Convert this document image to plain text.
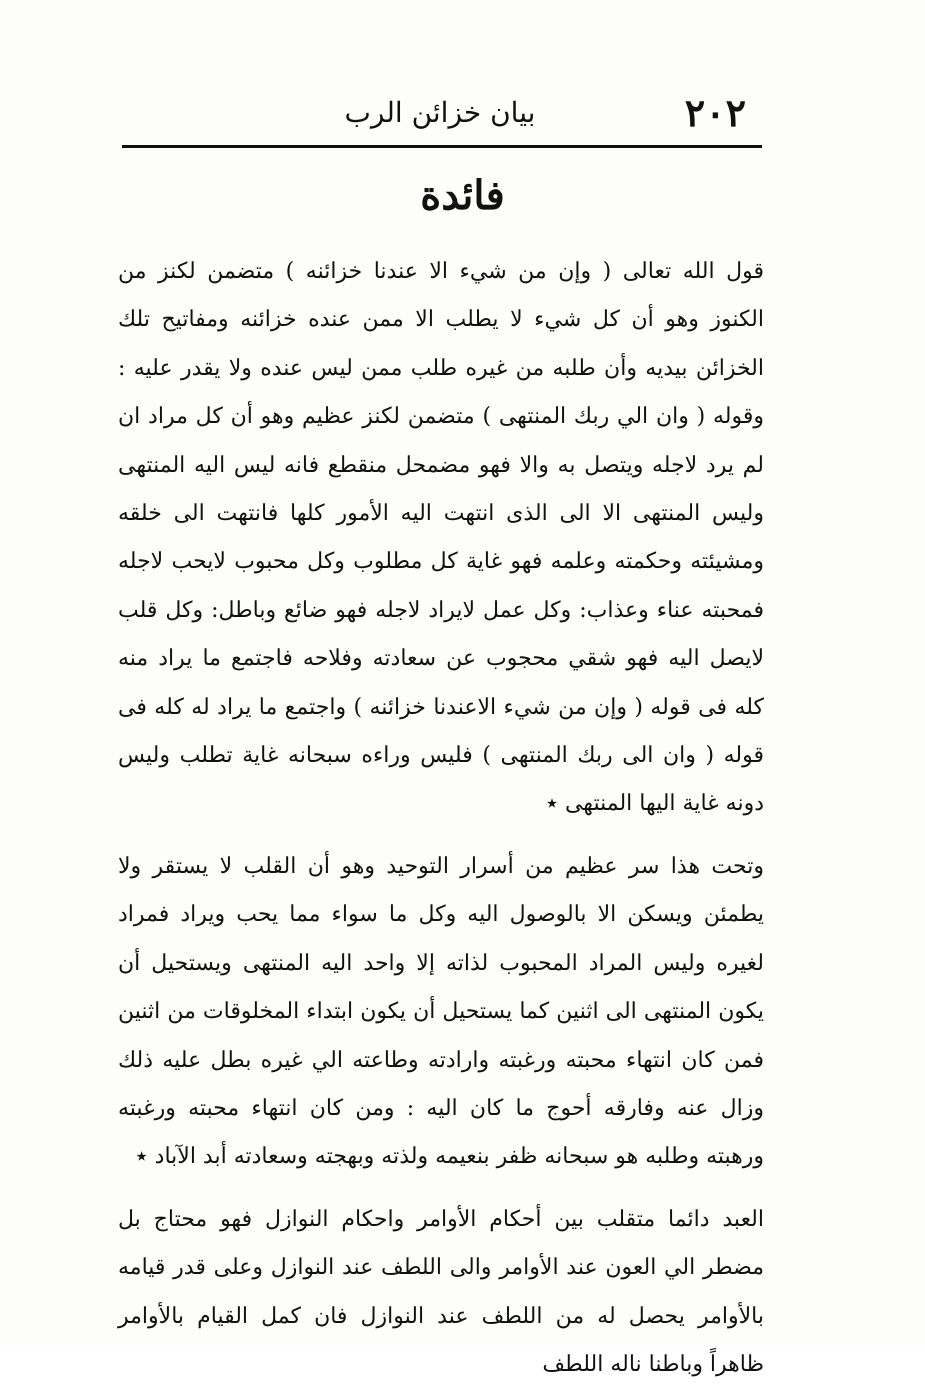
٢٠٢
بيان خزائن الرب
فائدة

قول الله تعالى ( وإن من شيء الا عندنا خزائنه ) متضمن لكنز من الكنوز وهو أن كل شيء لا يطلب الا ممن عنده خزائنه ومفاتيح تلك الخزائن بيديه وأن طلبه من غيره طلب ممن ليس عنده ولا يقدر عليه : وقوله ( وان الي ربك المنتهى ) متضمن لكنز عظيم وهو أن كل مراد ان لم يرد لاجله ويتصل به والا فهو مضمحل منقطع فانه ليس اليه المنتهى وليس المنتهى الا الى الذى انتهت اليه الأمور كلها فانتهت الى خلقه ومشيئته وحكمته وعلمه فهو غاية كل مطلوب وكل محبوب لايحب لاجله فمحبته عناء وعذاب: وكل عمل لايراد لاجله فهو ضائع وباطل: وكل قلب لايصل اليه فهو شقي محجوب عن سعادته وفلاحه فاجتمع ما يراد منه كله فى قوله ( وإن من شيء الاعندنا خزائنه ) واجتمع ما يراد له كله فى قوله ( وان الى ربك المنتهى ) فليس وراءه سبحانه غاية تطلب وليس دونه غاية اليها المنتهى ٭

وتحت هذا سر عظيم من أسرار التوحيد وهو أن القلب لا يستقر ولا يطمئن ويسكن الا بالوصول اليه وكل ما سواء مما يحب ويراد فمراد لغيره وليس المراد المحبوب لذاته إلا واحد اليه المنتهى ويستحيل أن يكون المنتهى الى اثنين كما يستحيل أن يكون ابتداء المخلوقات من اثنين فمن كان انتهاء محبته ورغبته وارادته وطاعته الي غيره بطل عليه ذلك وزال عنه وفارقه أحوج ما كان اليه : ومن كان انتهاء محبته ورغبته ورهبته وطلبه هو سبحانه ظفر بنعيمه ولذته وبهجته وسعادته أبد الآباد ٭

العبد دائما متقلب بين أحكام الأوامر واحكام النوازل فهو محتاج بل مضطر الي العون عند الأوامر والى اللطف عند النوازل وعلى قدر قيامه بالأوامر يحصل له من اللطف عند النوازل فان كمل القيام بالأوامر ظاهراً وباطنا ناله اللطف
